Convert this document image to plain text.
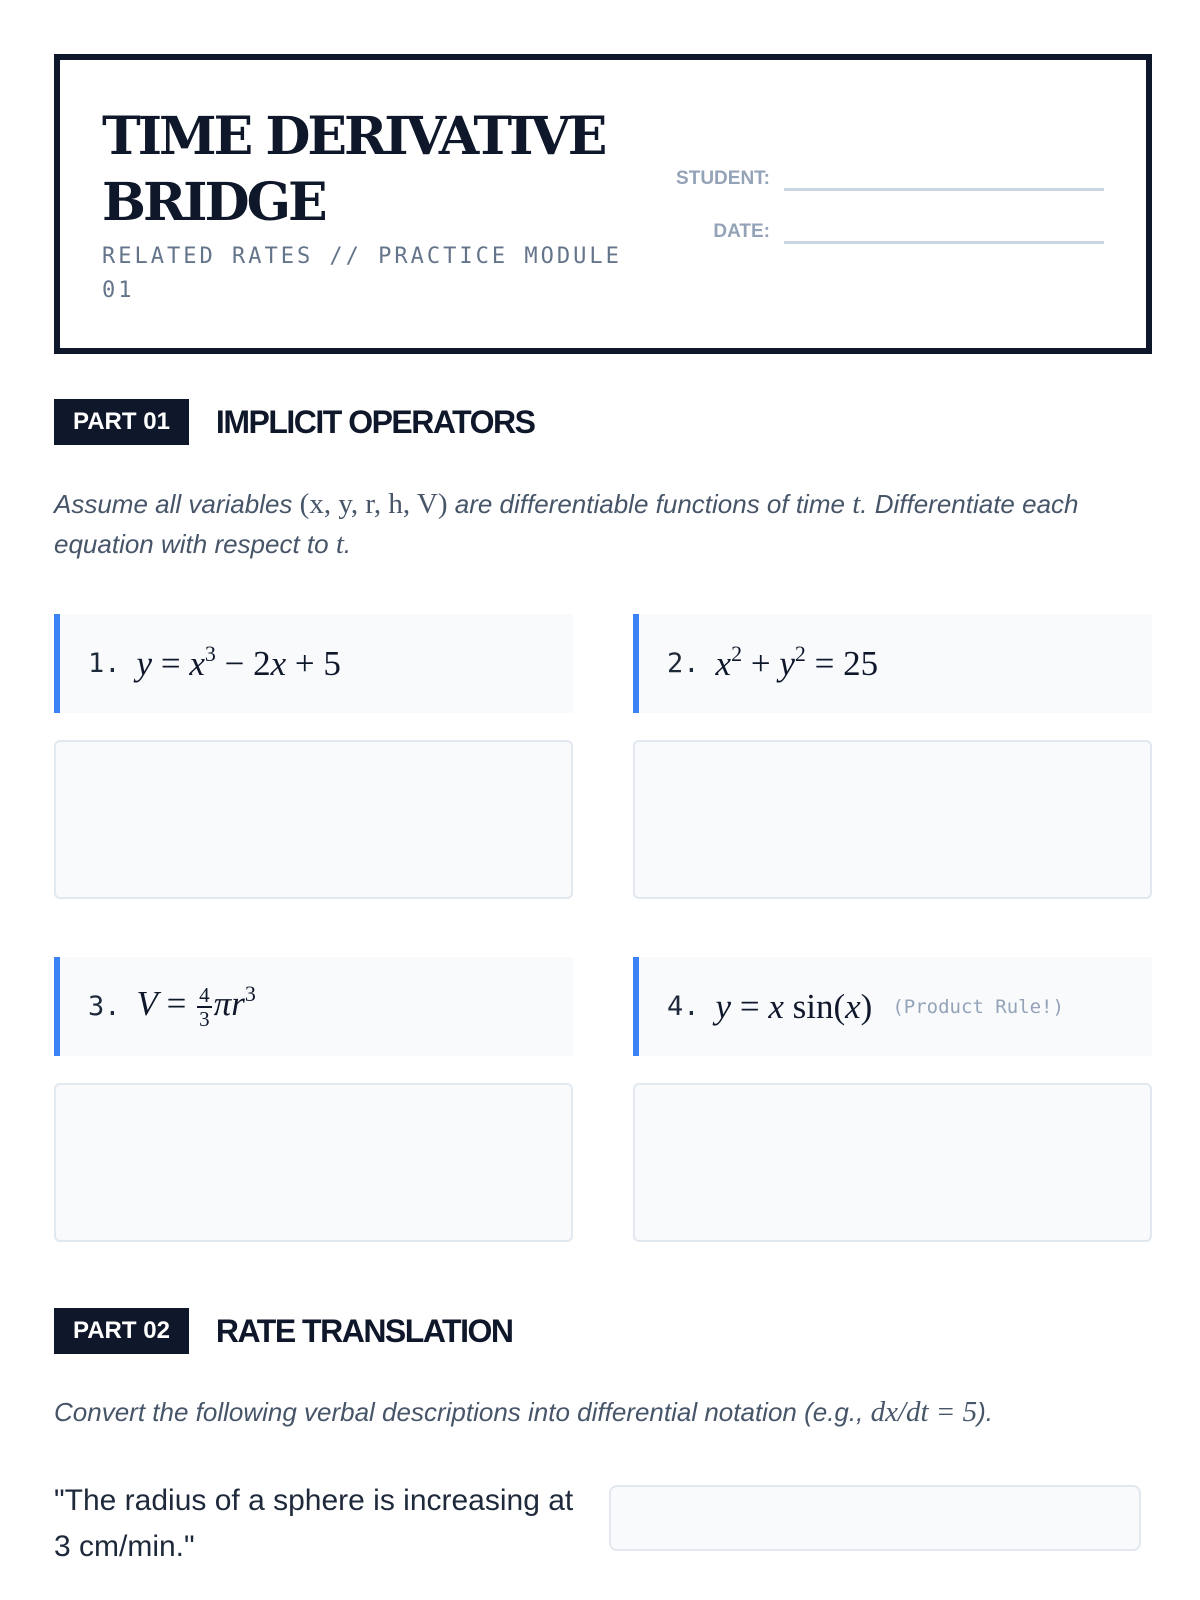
TIME DERIVATIVE BRIDGE
RELATED RATES // PRACTICE MODULE 01
STUDENT:
DATE:
PART 01	IMPLICIT OPERATORS
Assume all variables (x, y, r, h, V) are differentiable functions of time t. Differentiate each equation with respect to t.
1. $y = x^3 - 2x + 5$	2. $x^2 + y^2 = 25$
3. $V = \frac{4}{3} \pi r^3$	4. y = x sin(x) (Product Rule!)
PART 02	RATE TRANSLATION
Convert the following verbal descriptions into differential notation (e.g., dx/dt = 5).
"The radius of a sphere is increasing at 3 cm/min."
